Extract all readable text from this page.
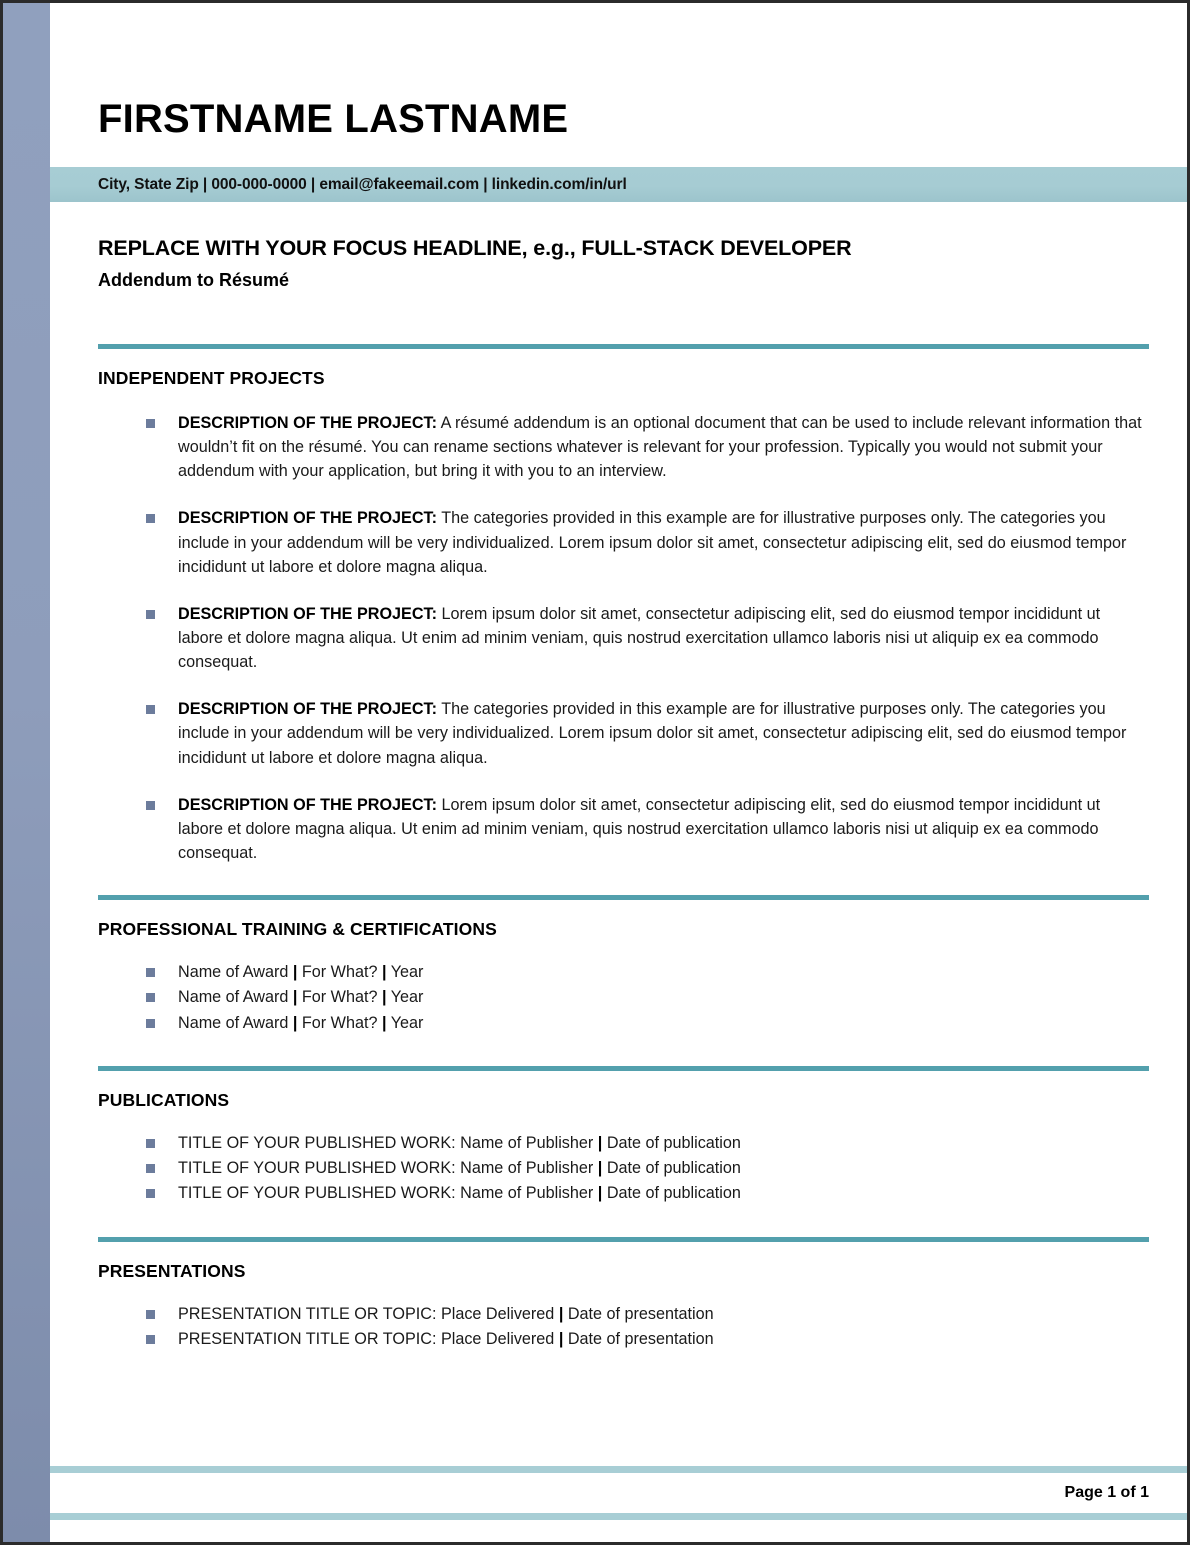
FIRSTNAME LASTNAME
City, State Zip | 000-000-0000 | email@fakeemail.com | linkedin.com/in/url
REPLACE WITH YOUR FOCUS HEADLINE, e.g., FULL-STACK DEVELOPER
Addendum to Résumé
INDEPENDENT PROJECTS
DESCRIPTION OF THE PROJECT: A résumé addendum is an optional document that can be used to include relevant information that wouldn’t fit on the résumé. You can rename sections whatever is relevant for your profession. Typically you would not submit your addendum with your application, but bring it with you to an interview.
DESCRIPTION OF THE PROJECT: The categories provided in this example are for illustrative purposes only. The categories you include in your addendum will be very individualized. Lorem ipsum dolor sit amet, consectetur adipiscing elit, sed do eiusmod tempor incididunt ut labore et dolore magna aliqua.
DESCRIPTION OF THE PROJECT: Lorem ipsum dolor sit amet, consectetur adipiscing elit, sed do eiusmod tempor incididunt ut labore et dolore magna aliqua. Ut enim ad minim veniam, quis nostrud exercitation ullamco laboris nisi ut aliquip ex ea commodo consequat.
DESCRIPTION OF THE PROJECT: The categories provided in this example are for illustrative purposes only. The categories you include in your addendum will be very individualized. Lorem ipsum dolor sit amet, consectetur adipiscing elit, sed do eiusmod tempor incididunt ut labore et dolore magna aliqua.
DESCRIPTION OF THE PROJECT: Lorem ipsum dolor sit amet, consectetur adipiscing elit, sed do eiusmod tempor incididunt ut labore et dolore magna aliqua. Ut enim ad minim veniam, quis nostrud exercitation ullamco laboris nisi ut aliquip ex ea commodo consequat.
PROFESSIONAL TRAINING & CERTIFICATIONS
Name of Award | For What? | Year
Name of Award | For What? | Year
Name of Award | For What? | Year
PUBLICATIONS
TITLE OF YOUR PUBLISHED WORK: Name of Publisher | Date of publication
TITLE OF YOUR PUBLISHED WORK: Name of Publisher | Date of publication
TITLE OF YOUR PUBLISHED WORK: Name of Publisher | Date of publication
PRESENTATIONS
PRESENTATION TITLE OR TOPIC: Place Delivered | Date of presentation
PRESENTATION TITLE OR TOPIC: Place Delivered | Date of presentation
Page 1 of 1
